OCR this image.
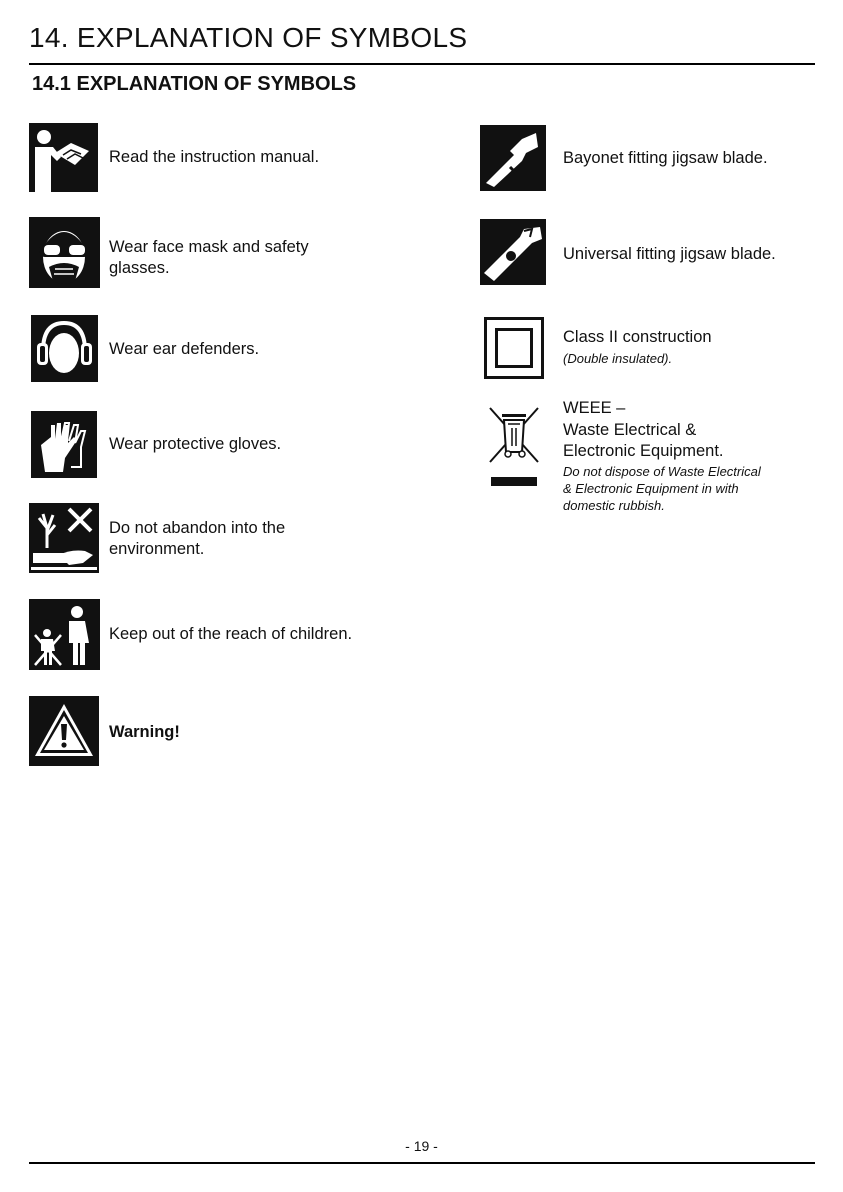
14. EXPLANATION OF SYMBOLS
14.1 EXPLANATION OF SYMBOLS
Read the instruction manual.
Wear face mask and safety
glasses.
Wear ear defenders.
Wear protective gloves.
Do not abandon into the
environment.
Keep out of the reach of children.
Warning!
Bayonet fitting jigsaw blade.
Universal fitting jigsaw blade.
Class II construction
(Double insulated).
WEEE –
Waste Electrical &
Electronic Equipment.
Do not dispose of Waste Electrical
& Electronic Equipment in with
domestic rubbish.
- 19 -
